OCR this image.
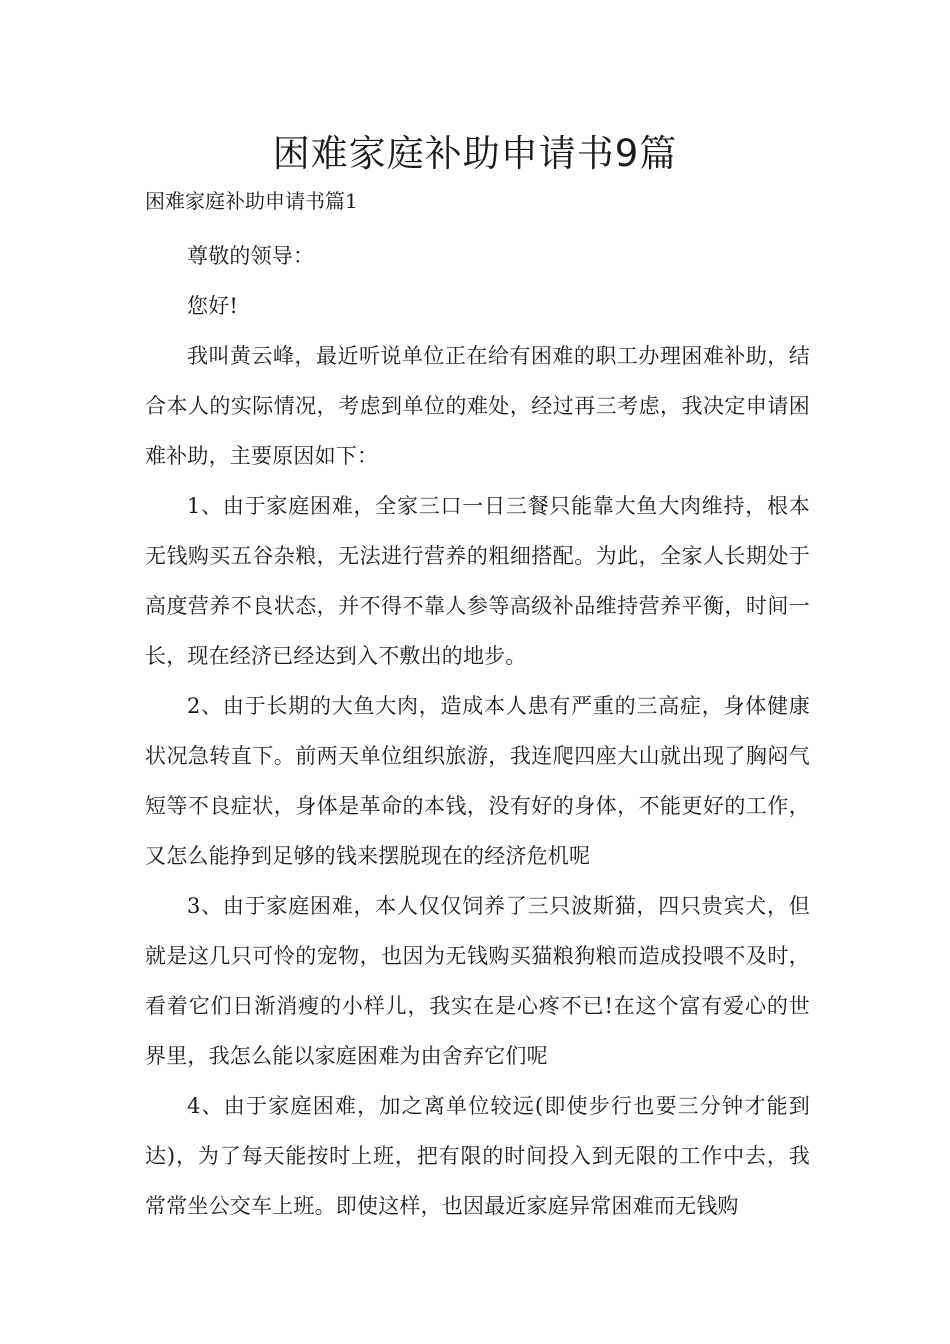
困难家庭补助申请书9篇
困难家庭补助申请书篇1

尊敬的领导：

您好!

我叫黄云峰，最近听说单位正在给有困难的职工办理困难补助，结合本人的实际情况，考虑到单位的难处，经过再三考虑，我决定申请困难补助，主要原因如下：

1、由于家庭困难，全家三口一日三餐只能靠大鱼大肉维持，根本无钱购买五谷杂粮，无法进行营养的粗细搭配。为此，全家人长期处于高度营养不良状态，并不得不靠人参等高级补品维持营养平衡，时间一长，现在经济已经达到入不敷出的地步。

2、由于长期的大鱼大肉，造成本人患有严重的三高症，身体健康状况急转直下。前两天单位组织旅游，我连爬四座大山就出现了胸闷气短等不良症状，身体是革命的本钱，没有好的身体，不能更好的工作，又怎么能挣到足够的钱来摆脱现在的经济危机呢

3、由于家庭困难，本人仅仅饲养了三只波斯猫，四只贵宾犬，但就是这几只可怜的宠物，也因为无钱购买猫粮狗粮而造成投喂不及时，看着它们日渐消瘦的小样儿，我实在是心疼不已!在这个富有爱心的世界里，我怎么能以家庭困难为由舍弃它们呢

4、由于家庭困难，加之离单位较远(即使步行也要三分钟才能到达)，为了每天能按时上班，把有限的时间投入到无限的工作中去，我常常坐公交车上班。即使这样，也因最近家庭异常困难而无钱购
